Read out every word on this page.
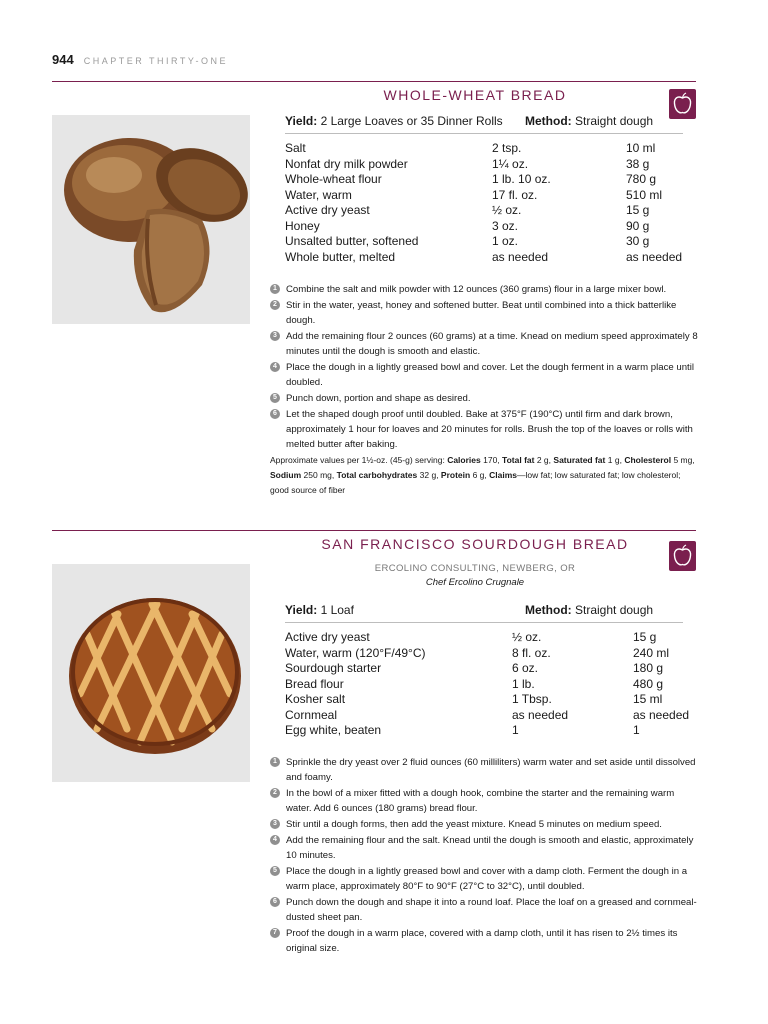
944 CHAPTER THIRTY-ONE
WHOLE-WHEAT BREAD
Yield: 2 Large Loaves or 35 Dinner Rolls Method: Straight dough
Salt	2 tsp.	10 ml
Nonfat dry milk powder	1¼ oz.	38 g
Whole-wheat flour	1 lb. 10 oz.	780 g
Water, warm	17 fl. oz.	510 ml
Active dry yeast	½ oz.	15 g
Honey	3 oz.	90 g
Unsalted butter, softened	1 oz.	30 g
Whole butter, melted	as needed	as needed
1 Combine the salt and milk powder with 12 ounces (360 grams) flour in a large mixer bowl.
2 Stir in the water, yeast, honey and softened butter. Beat until combined into a thick batterlike dough.
3 Add the remaining flour 2 ounces (60 grams) at a time. Knead on medium speed approximately 8 minutes until the dough is smooth and elastic.
4 Place the dough in a lightly greased bowl and cover. Let the dough ferment in a warm place until doubled.
5 Punch down, portion and shape as desired.
6 Let the shaped dough proof until doubled. Bake at 375°F (190°C) until firm and dark brown, approximately 1 hour for loaves and 20 minutes for rolls. Brush the top of the loaves or rolls with melted butter after baking.
Approximate values per 1½-oz. (45-g) serving: Calories 170, Total fat 2 g, Saturated fat 1 g, Cholesterol 5 mg, Sodium 250 mg, Total carbohydrates 32 g, Protein 6 g, Claims—low fat; low saturated fat; low cholesterol; good source of fiber
SAN FRANCISCO SOURDOUGH BREAD
ERCOLINO CONSULTING, NEWBERG, OR
Chef Ercolino Crugnale
Yield: 1 Loaf	Method: Straight dough
Active dry yeast	½ oz.	15 g
Water, warm (120°F/49°C)	8 fl. oz.	240 ml
Sourdough starter	6 oz.	180 g
Bread flour	1 lb.	480 g
Kosher salt	1 Tbsp.	15 ml
Cornmeal	as needed	as needed
Egg white, beaten	1	1
1 Sprinkle the dry yeast over 2 fluid ounces (60 milliliters) warm water and set aside until dissolved and foamy.
2 In the bowl of a mixer fitted with a dough hook, combine the starter and the remaining warm water. Add 6 ounces (180 grams) bread flour.
3 Stir until a dough forms, then add the yeast mixture. Knead 5 minutes on medium speed.
4 Add the remaining flour and the salt. Knead until the dough is smooth and elastic, approximately 10 minutes.
5 Place the dough in a lightly greased bowl and cover with a damp cloth. Ferment the dough in a warm place, approximately 80°F to 90°F (27°C to 32°C), until doubled.
6 Punch down the dough and shape it into a round loaf. Place the loaf on a greased and cornmeal-dusted sheet pan.
7 Proof the dough in a warm place, covered with a damp cloth, until it has risen to 2½ times its original size.
